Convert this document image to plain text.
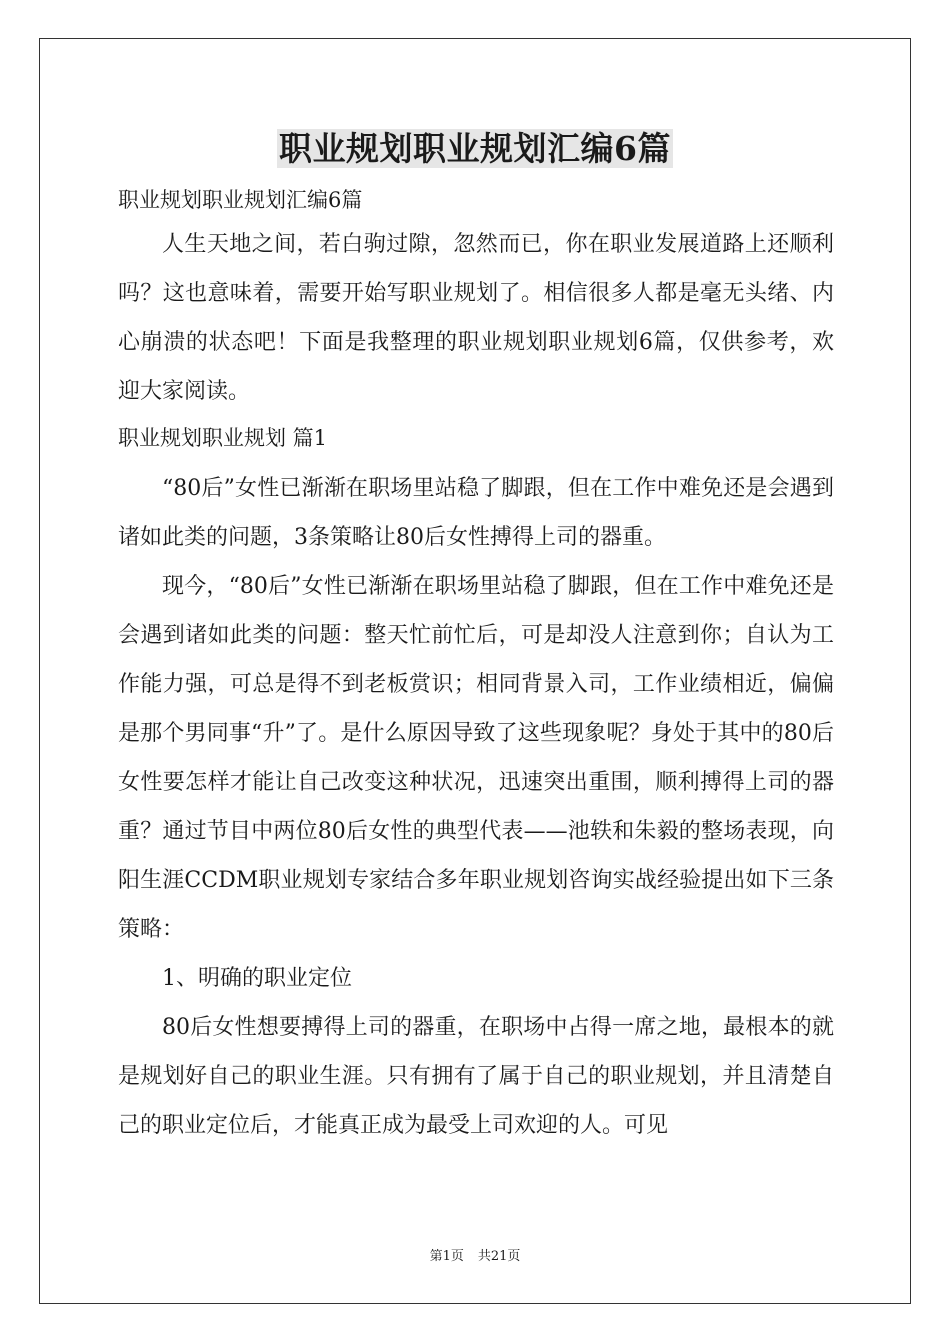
职业规划职业规划汇编6篇

职业规划职业规划汇编6篇

人生天地之间，若白驹过隙，忽然而已，你在职业发展道路上还顺利吗？这也意味着，需要开始写职业规划了。相信很多人都是毫无头绪、内心崩溃的状态吧！下面是我整理的职业规划职业规划6篇，仅供参考，欢迎大家阅读。

职业规划职业规划 篇1

“80后”女性已渐渐在职场里站稳了脚跟，但在工作中难免还是会遇到诸如此类的问题，3条策略让80后女性搏得上司的器重。

现今，“80后”女性已渐渐在职场里站稳了脚跟，但在工作中难免还是会遇到诸如此类的问题：整天忙前忙后，可是却没人注意到你；自认为工作能力强，可总是得不到老板赏识；相同背景入司，工作业绩相近，偏偏是那个男同事“升”了。是什么原因导致了这些现象呢？身处于其中的80后女性要怎样才能让自己改变这种状况，迅速突出重围，顺利搏得上司的器重？通过节目中两位80后女性的典型代表——池轶和朱毅的整场表现，向阳生涯CCDM职业规划专家结合多年职业规划咨询实战经验提出如下三条策略：

1、明确的职业定位

80后女性想要搏得上司的器重，在职场中占得一席之地，最根本的就是规划好自己的职业生涯。只有拥有了属于自己的职业规划，并且清楚自己的职业定位后，才能真正成为最受上司欢迎的人。可见

第1页 共21页
